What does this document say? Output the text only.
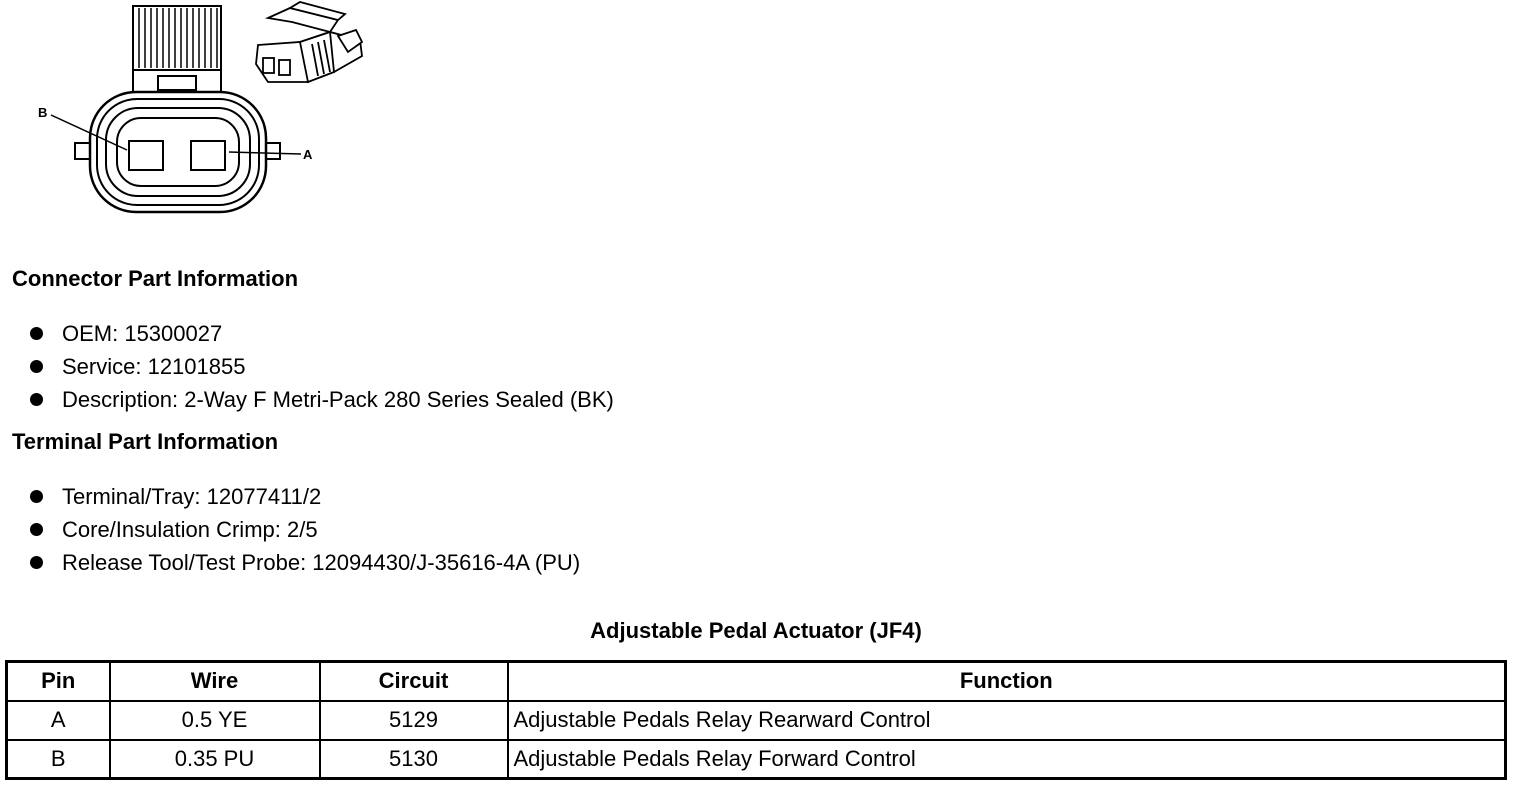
B
A
Connector Part Information
OEM: 15300027
Service: 12101855
Description: 2-Way F Metri-Pack 280 Series Sealed (BK)
Terminal Part Information
Terminal/Tray: 12077411/2
Core/Insulation Crimp: 2/5
Release Tool/Test Probe: 12094430/J-35616-4A (PU)
Adjustable Pedal Actuator (JF4)
Pin	Wire	Circuit	Function
A	0.5 YE	5129	Adjustable Pedals Relay Rearward Control
B	0.35 PU	5130	Adjustable Pedals Relay Forward Control
